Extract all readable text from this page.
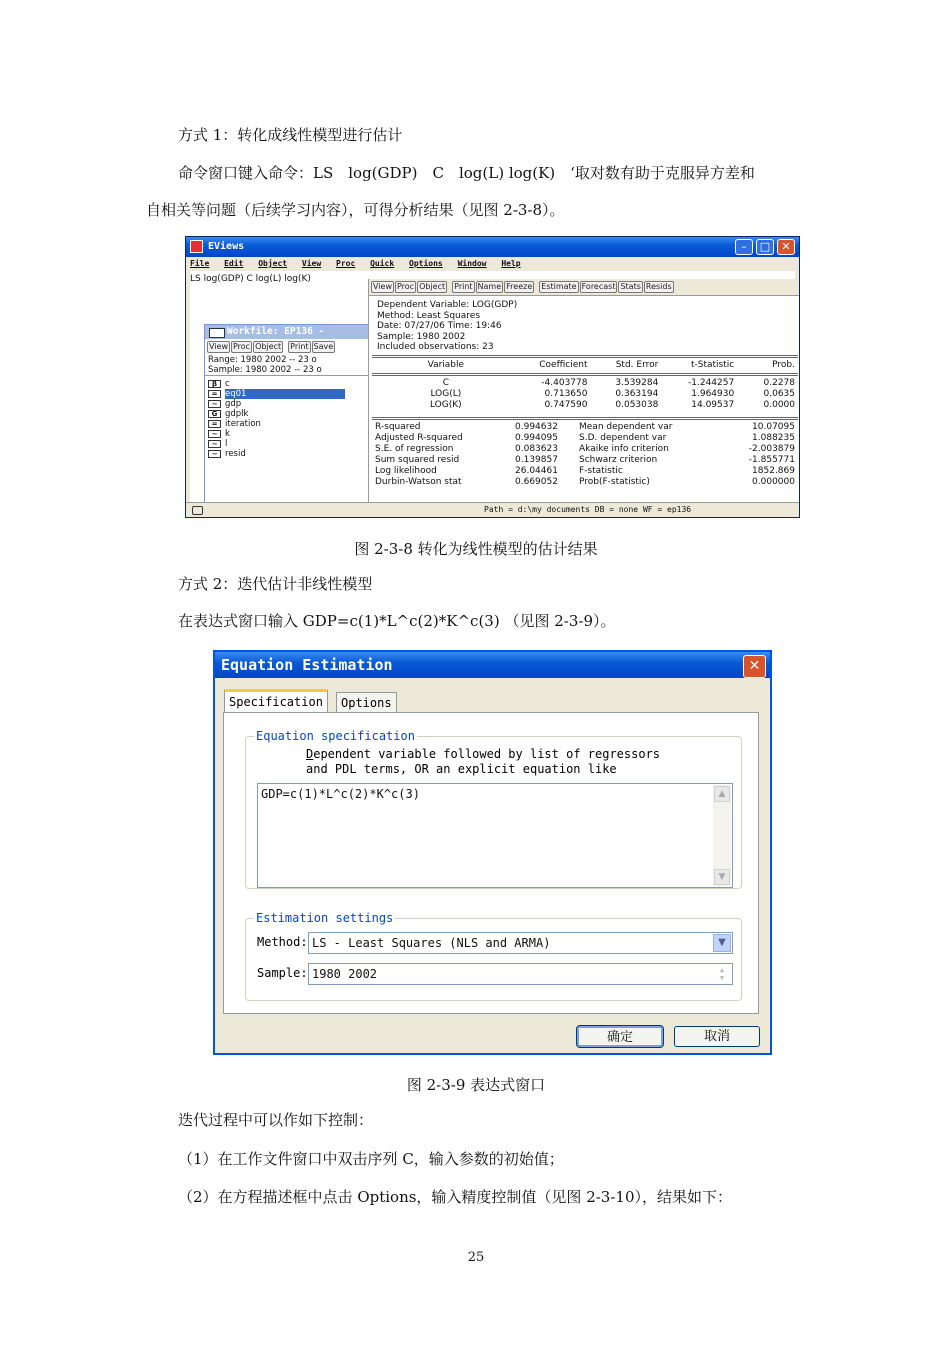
方式 1：转化成线性模型进行估计
命令窗口键入命令：LS　log(GDP)　C　log(L) log(K)　‘取对数有助于克服异方差和
自相关等问题（后续学习内容），可得分析结果（见图 2-3-8）。
EViews	–	□	✕
File Edit Object View Proc Quick Options Window Help
LS log(GDP) C log(L) log(K)
Workfile: EP136 -
View Proc Object Print Save
Range: 1980 2002 -- 23 o
Sample: 1980 2002 -- 23 o
β c
= eq01
~ gdp
G gdplk
= iteration
~ k
~ l
~ resid
View Proc Object Print Name Freeze Estimate Forecast Stats Resids
Dependent Variable: LOG(GDP)
Method: Least Squares
Date: 07/27/06 Time: 19:46
Sample: 1980 2002
Included observations: 23
Variable	Coefficient	Std. Error	t-Statistic	Prob.
C	-4.403778	3.539284	-1.244257	0.2278
LOG(L)	0.713650	0.363194	1.964930	0.0635
LOG(K)	0.747590	0.053038	14.09537	0.0000
R-squared	0.994632	Mean dependent var	10.07095
Adjusted R-squared	0.994095	S.D. dependent var	1.088235
S.E. of regression	0.083623	Akaike info criterion	-2.003879
Sum squared resid	0.139857	Schwarz criterion	-1.855771
Log likelihood	26.04461	F-statistic	1852.869
Durbin-Watson stat	0.669052	Prob(F-statistic)	0.000000
Path = d:\my documents DB = none WF = ep136
图 2-3-8 转化为线性模型的估计结果
方式 2：迭代估计非线性模型
在表达式窗口输入 GDP=c(1)*L^c(2)*K^c(3) （见图 2-3-9）。
Equation Estimation	✕
Specification	Options
Equation specification
Dependent variable followed by list of regressors
and PDL terms, OR an explicit equation like
GDP=c(1)*L^c(2)*K^c(3)	▲
▼
Estimation settings
Method: LS - Least Squares (NLS and ARMA)	▼
Sample: 1980 2002	▲
▼
确定	取消
图 2-3-9 表达式窗口
迭代过程中可以作如下控制：
（1）在工作文件窗口中双击序列 C，输入参数的初始值；
（2）在方程描述框中点击 Options，输入精度控制值（见图 2-3-10），结果如下：
25
